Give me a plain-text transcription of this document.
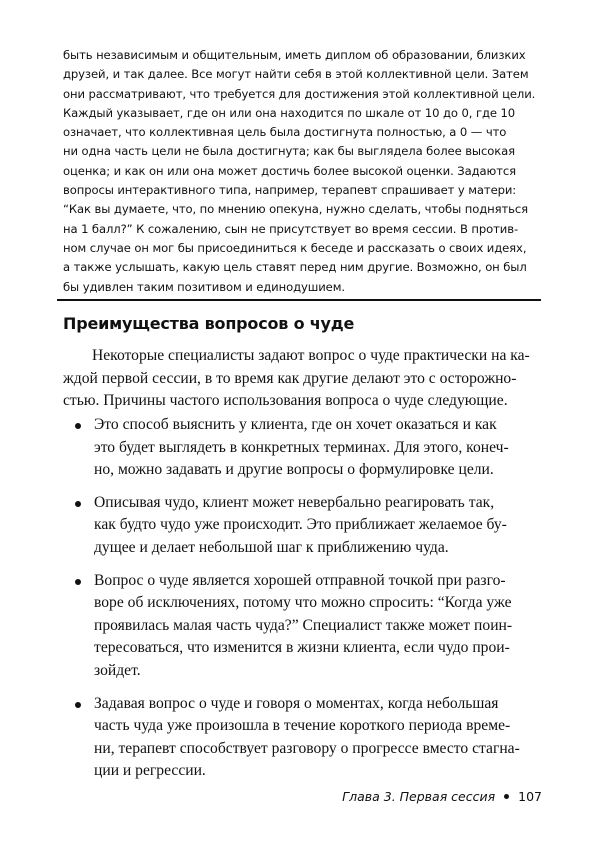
быть независимым и общительным, иметь диплом об образовании, близких
друзей, и так далее. Все могут найти себя в этой коллективной цели. Затем
они рассматривают, что требуется для достижения этой коллективной цели.
Каждый указывает, где он или она находится по шкале от 10 до 0, где 10
означает, что коллективная цель была достигнута полностью, а 0 — что
ни одна часть цели не была достигнута; как бы выглядела более высокая
оценка; и как он или она может достичь более высокой оценки. Задаются
вопросы интерактивного типа, например, терапевт спрашивает у матери:
“Как вы думаете, что, по мнению опекуна, нужно сделать, чтобы подняться
на 1 балл?” К сожалению, сын не присутствует во время сессии. В против-
ном случае он мог бы присоединиться к беседе и рассказать о своих идеях,
а также услышать, какую цель ставят перед ним другие. Возможно, он был
бы удивлен таким позитивом и единодушием.
Преимущества вопросов о чуде
Некоторые специалисты задают вопрос о чуде практически на ка-
ждой первой сессии, в то время как другие делают это с осторожно-
стью. Причины частого использования вопроса о чуде следующие.
Это способ выяснить у клиента, где он хочет оказаться и как
это будет выглядеть в конкретных терминах. Для этого, конеч-
но, можно задавать и другие вопросы о формулировке цели.
Описывая чудо, клиент может невербально реагировать так,
как будто чудо уже происходит. Это приближает желаемое бу-
дущее и делает небольшой шаг к приближению чуда.
Вопрос о чуде является хорошей отправной точкой при разго-
воре об исключениях, потому что можно спросить: “Когда уже
проявилась малая часть чуда?” Специалист также может поин-
тересоваться, что изменится в жизни клиента, если чудо прои-
зойдет.
Задавая вопрос о чуде и говоря о моментах, когда небольшая
часть чуда уже произошла в течение короткого периода време-
ни, терапевт способствует разговору о прогрессе вместо стагна-
ции и регрессии.
Глава 3. Первая сессия 107
